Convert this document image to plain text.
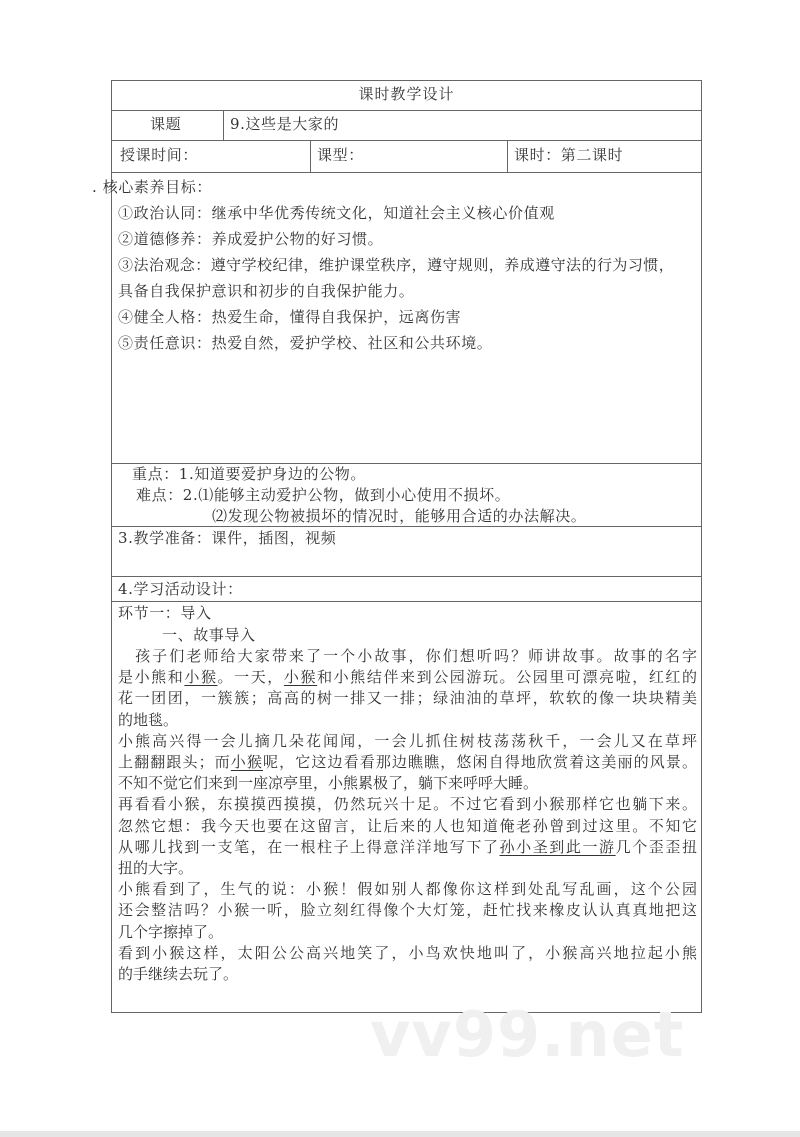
课时教学设计
课题	9.这些是大家的
授课时间：	课型：	课时：第二课时
. 核心素养目标：
①政治认同：继承中华优秀传统文化，知道社会主义核心价值观
②道德修养：养成爱护公物的好习惯。
③法治观念：遵守学校纪律，维护课堂秩序，遵守规则，养成遵守法的行为习惯，
具备自我保护意识和初步的自我保护能力。
④健全人格：热爱生命，懂得自我保护，远离伤害
⑤责任意识：热爱自然，爱护学校、社区和公共环境。
重点：1.知道要爱护身边的公物。
难点：2.⑴能够主动爱护公物，做到小心使用不损坏。
⑵发现公物被损坏的情况时，能够用合适的办法解决。
3.教学准备：课件，插图，视频
4.学习活动设计：
环节一：导入
一、故事导入
　孩子们老师给大家带来了一个小故事，你们想听吗？师讲故事。故事的名字
是小熊和小猴。一天，小猴和小熊结伴来到公园游玩。公园里可漂亮啦，红红的
花一团团，一簇簇；高高的树一排又一排；绿油油的草坪，软软的像一块块精美
的地毯。
小熊高兴得一会儿摘几朵花闻闻，一会儿抓住树枝荡荡秋千，一会儿又在草坪
上翻翻跟头；而小猴呢，它这边看看那边瞧瞧，悠闲自得地欣赏着这美丽的风景。
不知不觉它们来到一座凉亭里，小熊累极了，躺下来呼呼大睡。
再看看小猴，东摸摸西摸摸，仍然玩兴十足。不过它看到小猴那样它也躺下来。
忽然它想：我今天也要在这留言，让后来的人也知道俺老孙曾到过这里。不知它
从哪儿找到一支笔，在一根柱子上得意洋洋地写下了孙小圣到此一游几个歪歪扭
扭的大字。
小熊看到了，生气的说：小猴！假如别人都像你这样到处乱写乱画，这个公园
还会整洁吗？小猴一听，脸立刻红得像个大灯笼，赶忙找来橡皮认认真真地把这
几个字擦掉了。
看到小猴这样，太阳公公高兴地笑了，小鸟欢快地叫了，小猴高兴地拉起小熊
的手继续去玩了。
vv99.net
